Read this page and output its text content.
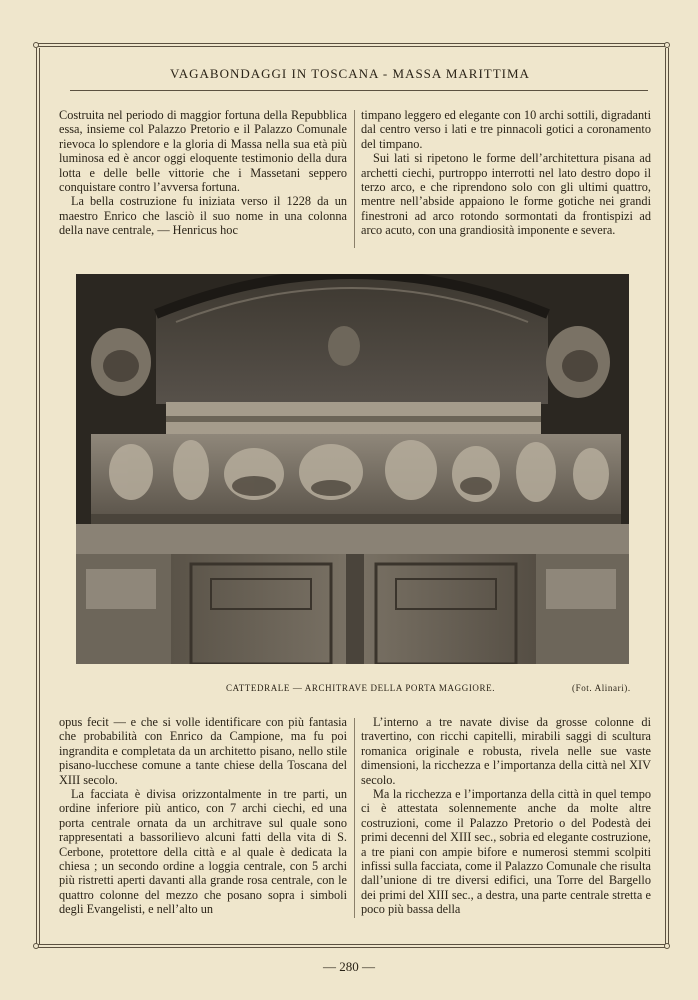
VAGABONDAGGI IN TOSCANA - MASSA MARITTIMA

Costruita nel periodo di maggior fortuna della Repubblica essa, insieme col Palazzo Pretorio e il Palazzo Comunale rievoca lo splendore e la gloria di Massa nella sua età più luminosa ed è ancor oggi eloquente testimonio della dura lotta e delle belle vittorie che i Massetani seppero conquistare contro l’avversa fortuna.

La bella costruzione fu iniziata verso il 1228 da un maestro Enrico che lasciò il suo nome in una colonna della nave centrale, — Henricus hoc

timpano leggero ed elegante con 10 archi sottili, digradanti dal centro verso i lati e tre pinnacoli gotici a coronamento del timpano.

Sui lati si ripetono le forme dell’architettura pisana ad archetti ciechi, purtroppo interrotti nel lato destro dopo il terzo arco, e che riprendono solo con gli ultimi quattro, mentre nell’abside appaiono le forme gotiche nei grandi finestroni ad arco rotondo sormontati da frontispizi ad arco acuto, con una grandiosità imponente e severa.

CATTEDRALE — ARCHITRAVE DELLA PORTA MAGGIORE.	(Fot. Alinari).

opus fecit — e che si volle identificare con più fantasia che probabilità con Enrico da Campione, ma fu poi ingrandita e completata da un architetto pisano, nello stile pisano-lucchese comune a tante chiese della Toscana del XIII secolo.

La facciata è divisa orizzontalmente in tre parti, un ordine inferiore più antico, con 7 archi ciechi, ed una porta centrale ornata da un architrave sul quale sono rappresentati a bassorilievo alcuni fatti della vita di S. Cerbone, protettore della città e al quale è dedicata la chiesa ; un secondo ordine a loggia centrale, con 5 archi più ristretti aperti davanti alla grande rosa centrale, con le quattro colonne del mezzo che posano sopra i simboli degli Evangelisti, e nell’alto un

L’interno a tre navate divise da grosse colonne di travertino, con ricchi capitelli, mirabili saggi di scultura romanica originale e robusta, rivela nelle sue vaste dimensioni, la ricchezza e l’importanza della città nel XIV secolo.

Ma la ricchezza e l’importanza della città in quel tempo ci è attestata solennemente anche da molte altre costruzioni, come il Palazzo Pretorio o del Podestà dei primi decenni del XIII sec., sobria ed elegante costruzione, a tre piani con ampie bifore e numerosi stemmi scolpiti infissi sulla facciata, come il Palazzo Comunale che risulta dall’unione di tre diversi edifici, una Torre del Bargello dei primi del XIII sec., a destra, una parte centrale stretta e poco più bassa della

— 280 —
